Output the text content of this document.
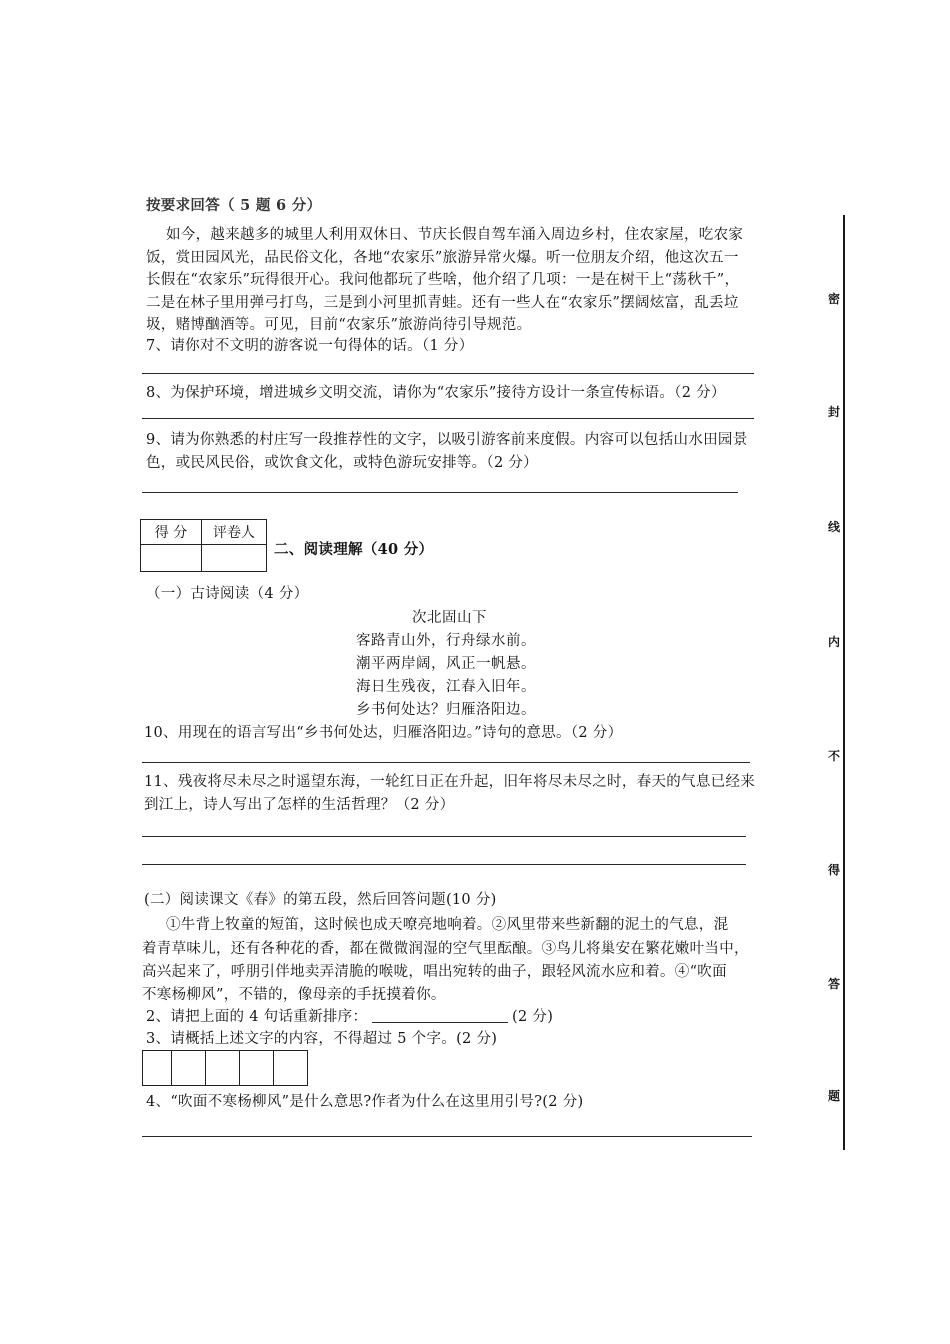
按要求回答（ 5 题 6 分）
如今，越来越多的城里人利用双休日、节庆长假自驾车涌入周边乡村，住农家屋，吃农家
饭，赏田园风光，品民俗文化，各地“农家乐”旅游异常火爆。听一位朋友介绍，他这次五一
长假在“农家乐”玩得很开心。我问他都玩了些啥，他介绍了几项：一是在树干上“荡秋千”，
二是在林子里用弹弓打鸟，三是到小河里抓青蛙。还有一些人在“农家乐”摆阔炫富，乱丢垃
圾，赌博酗酒等。可见，目前“农家乐”旅游尚待引导规范。
7、请你对不文明的游客说一句得体的话。（1 分）
8、为保护环境，增进城乡文明交流，请你为“农家乐”接待方设计一条宣传标语。（2 分）
9、请为你熟悉的村庄写一段推荐性的文字，以吸引游客前来度假。内容可以包括山水田园景
色，或民风民俗，或饮食文化，或特色游玩安排等。（2 分）
得 分	评卷人

二、阅读理解（40 分）
（一）古诗阅读（4 分）
次北固山下
客路青山外，行舟绿水前。
潮平两岸阔，风正一帆悬。
海日生残夜，江春入旧年。
乡书何处达？归雁洛阳边。
10、用现在的语言写出“乡书何处达，归雁洛阳边。”诗句的意思。（2 分）
11、残夜将尽未尽之时遥望东海，一轮红日正在升起，旧年将尽未尽之时，春天的气息已经来
到江上，诗人写出了怎样的生活哲理？（2 分）
(二）阅读课文《春》的第五段，然后回答问题(10 分)
①牛背上牧童的短笛，这时候也成天嘹亮地响着。②风里带来些新翻的泥土的气息，混
着青草味儿，还有各种花的香，都在微微润湿的空气里酝酿。③鸟儿将巢安在繁花嫩叶当中，
高兴起来了，呼朋引伴地卖弄清脆的喉咙，唱出宛转的曲子，跟轻风流水应和着。④“吹面
不寒杨柳风”，不错的，像母亲的手抚摸着你。
2、请把上面的 4 句话重新排序：	(2 分)
3、请概括上述文字的内容，不得超过 5 个字。(2 分)
4、“吹面不寒杨柳风”是什么意思?作者为什么在这里用引号?(2 分)
密
封
线
内
不
得
答
题
